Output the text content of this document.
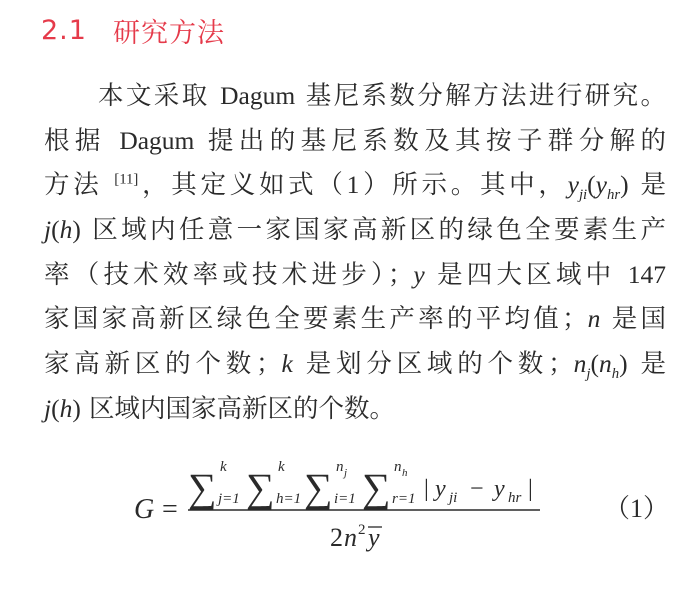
2.1 研究方法
本文采取 Dagum 基尼系数分解方法进行研究。
根据 Dagum 提出的基尼系数及其按子群分解的
方法 [11]，其定义如式（1）所示。其中，$y_{ji}(y_{hr})$ 是
j(h) 区域内任意一家国家高新区的绿色全要素生产
率（技术效率或技术进步）；y 是四大区域中 147
家国家高新区绿色全要素生产率的平均值；n 是国
家高新区的个数；k 是划分区域的个数；$n_j(n_h)$ 是
j(h) 区域内国家高新区的个数。
G = ∑ k
j=1 ∑ k
h=1 ∑ n j
i=1 ∑ n h
r=1 | y ji − y hr |
2 n 2 y
（1）
